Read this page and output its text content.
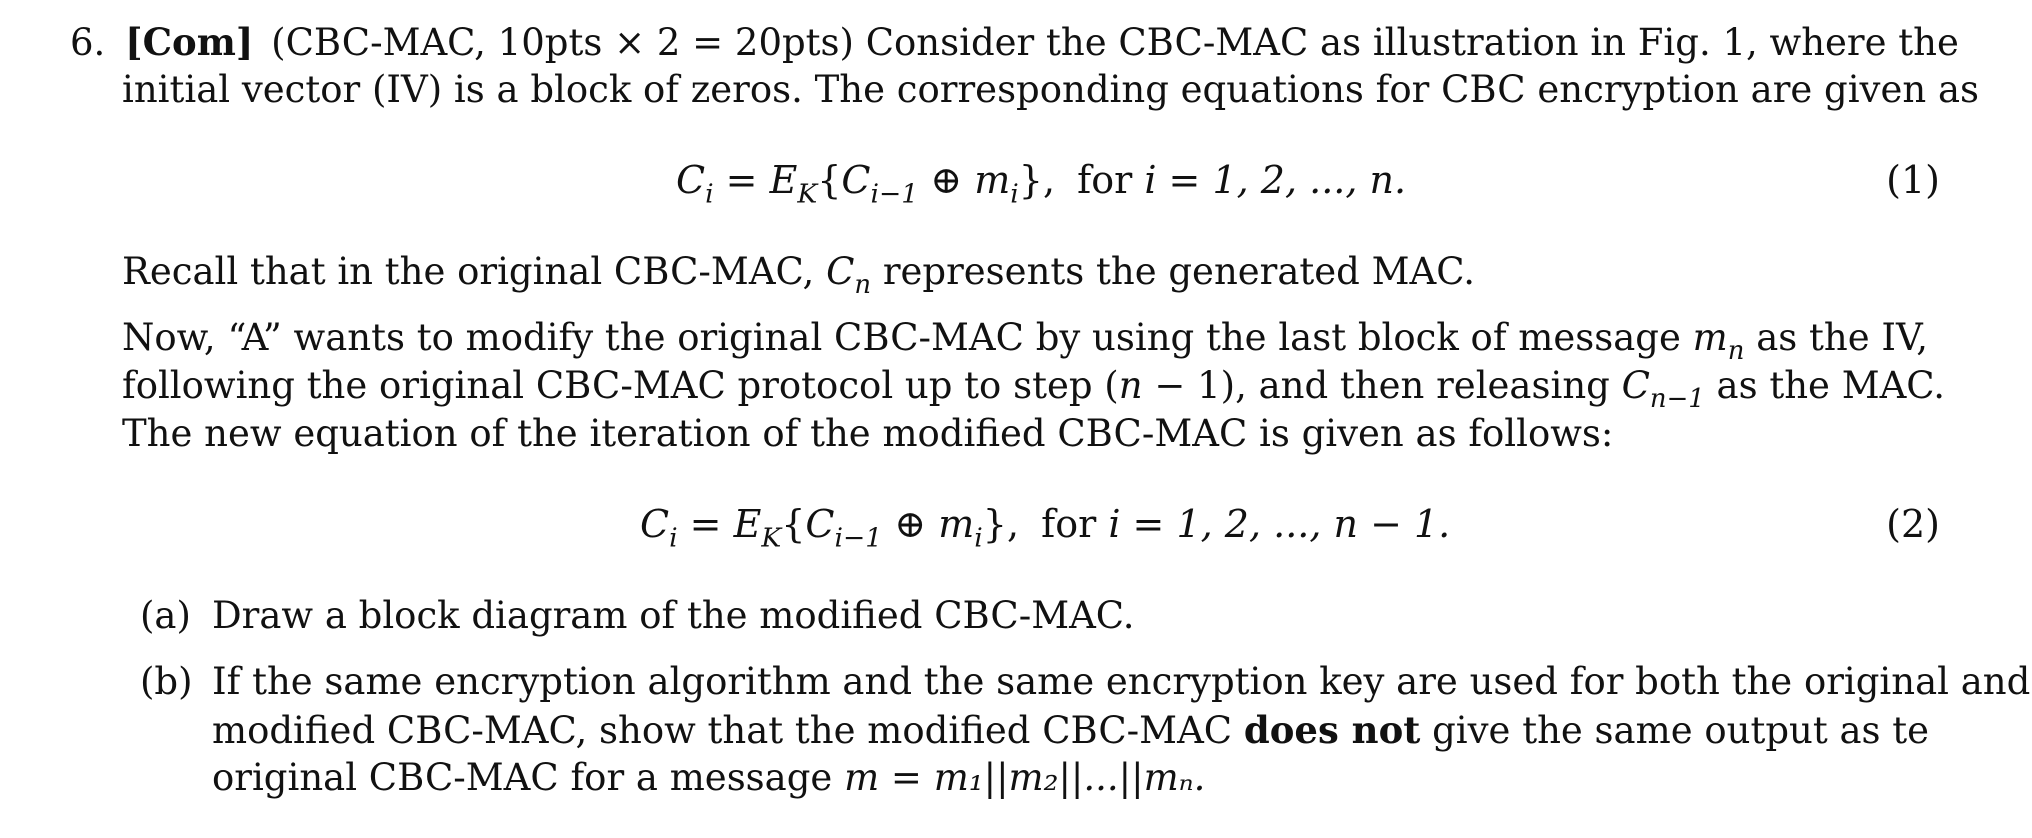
6. [Com] (CBC-MAC, 10pts × 2 = 20pts) Consider the CBC-MAC as illustration in Fig. 1, where the
initial vector (IV) is a block of zeros. The corresponding equations for CBC encryption are given as
$C_i = E_K\{C_{i-1}$ ⊕ $m_i$}, for i = 1, 2, ..., n.	(1)
Recall that in the original CBC-MAC, $C_n$ represents the generated MAC.
Now, “A” wants to modify the original CBC-MAC by using the last block of message $m_n$ as the IV,
following the original CBC-MAC protocol up to step (n − 1), and then releasing $C_{n-1}$ as the MAC.
The new equation of the iteration of the modified CBC-MAC is given as follows:
$C_i = E_K\{C_{i-1}$ ⊕ $m_i$}, for i = 1, 2, ..., n − 1.	(2)
(a) Draw a block diagram of the modified CBC-MAC.
(b) If the same encryption algorithm and the same encryption key are used for both the original and
modified CBC-MAC, show that the modified CBC-MAC does not give the same output as te
original CBC-MAC for a message m = m₁||m₂||...||mₙ.
